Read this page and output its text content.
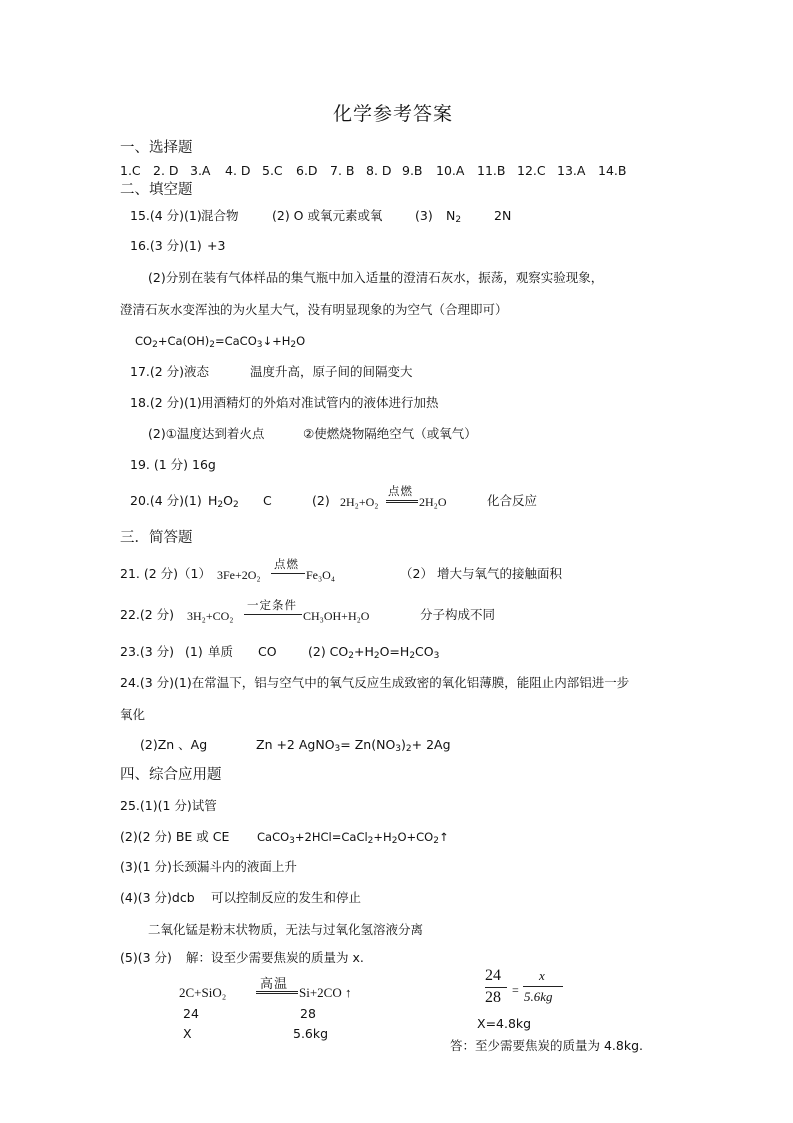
化学参考答案
一、选择题
1.C 2. D 3.A 4. D 5.C 6.D 7. B 8. D 9.B 10.A 11.B 12.C 13.A 14.B
二、填空题
15.(4 分)(1) 混合物	(2) O 或氧元素或氧	(3) $N_2$	2N
16.(3 分)(1) +3
(2)分别在装有气体样品的集气瓶中加入适量的澄清石灰水，振荡，观察实验现象，
澄清石灰水变浑浊的为火星大气，没有明显现象的为空气（合理即可）
$CO_2+Ca(OH)_2=CaCO_3↓+H_2O$
17.(2 分)液态	温度升高，原子间的间隔变大
18.(2 分)(1) 用酒精灯的外焰对准试管内的液体进行加热
(2)①温度达到着火点	②使燃烧物隔绝空气（或氧气）
19. (1 分) 16g
20.(4 分)(1) $H_2O_2$ C	(2) 2H₂+O₂
点燃
2H₂O	化合反应
三．简答题
21. (2 分)（1） 3Fe+2O₂
点燃
Fe₃O₄	（2） 增大与氧气的接触面积
22.(2 分) 3H₂+CO₂
一定条件
CH₃OH+H₂O	分子构成不同
23.(3 分) (1) 单质 CO	(2) $CO_2+H_2O=H_2CO_3$
24.(3 分)(1)在常温下，铝与空气中的氧气反应生成致密的氧化铝薄膜，能阻止内部铝进一步
氧化
(2)Zn 、Ag	Zn +2 AgNO$_3$= $Zn(NO_3)_2+ 2Ag$
四、综合应用题
25.(1)(1 分)试管
(2)(2 分) BE 或 CE $CaCO_3+2HCl=CaCl_2+H_2O+CO_2↑$
(3)(1 分)长颈漏斗内的液面上升
(4)(3 分)dcb 可以控制反应的发生和停止
二氧化锰是粉末状物质，无法与过氧化氢溶液分离
(5)(3 分) 解：设至少需要焦炭的质量为 x.
2C+SiO₂
高温
Si+2CO ↑
24	28
X	5.6kg
24
28 =
x
5.6kg
X=4.8kg
答：至少需要焦炭的质量为 4.8kg.
